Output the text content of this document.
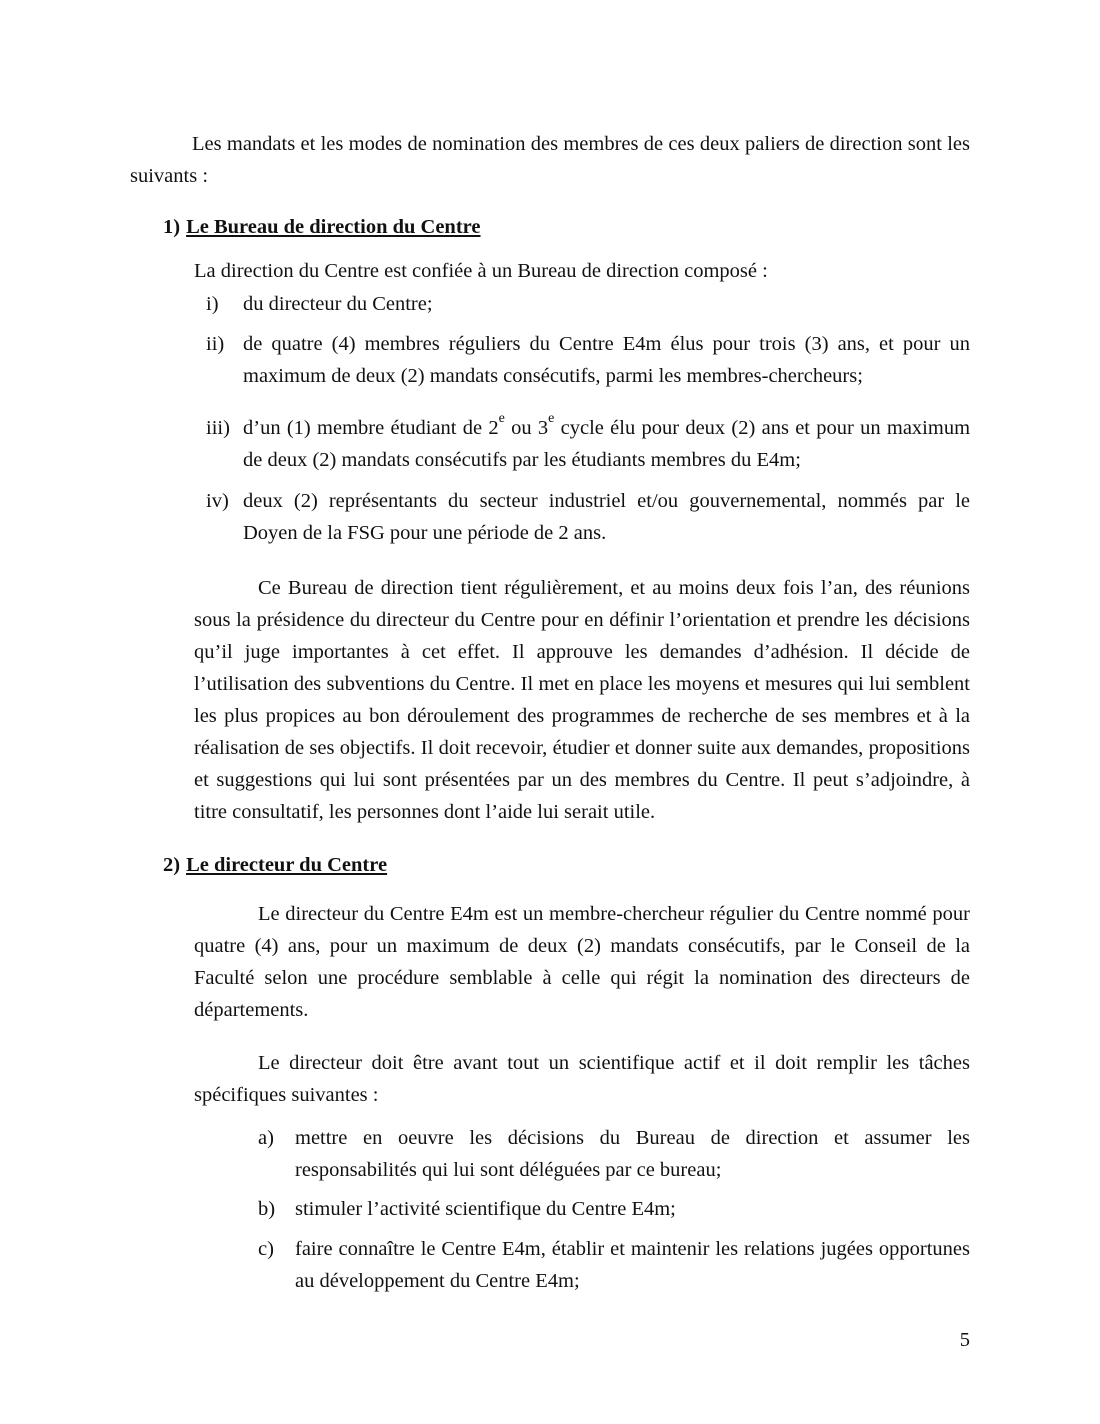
Les mandats et les modes de nomination des membres de ces deux paliers de direction sont les suivants :

1) Le Bureau de direction du Centre
La direction du Centre est confiée à un Bureau de direction composé :
i) du directeur du Centre;
ii) de quatre (4) membres réguliers du Centre E4m élus pour trois (3) ans, et pour un maximum de deux (2) mandats consécutifs, parmi les membres-chercheurs;
iii) d’un (1) membre étudiant de 2e ou 3e cycle élu pour deux (2) ans et pour un maximum de deux (2) mandats consécutifs par les étudiants membres du E4m;
iv) deux (2) représentants du secteur industriel et/ou gouvernemental, nommés par le Doyen de la FSG pour une période de 2 ans.
Ce Bureau de direction tient régulièrement, et au moins deux fois l’an, des réunions sous la présidence du directeur du Centre pour en définir l’orientation et prendre les décisions qu’il juge importantes à cet effet. Il approuve les demandes d’adhésion. Il décide de l’utilisation des subventions du Centre. Il met en place les moyens et mesures qui lui semblent les plus propices au bon déroulement des programmes de recherche de ses membres et à la réalisation de ses objectifs. Il doit recevoir, étudier et donner suite aux demandes, propositions et suggestions qui lui sont présentées par un des membres du Centre. Il peut s’adjoindre, à titre consultatif, les personnes dont l’aide lui serait utile.
2) Le directeur du Centre
Le directeur du Centre E4m est un membre-chercheur régulier du Centre nommé pour quatre (4) ans, pour un maximum de deux (2) mandats consécutifs, par le Conseil de la Faculté selon une procédure semblable à celle qui régit la nomination des directeurs de départements.
Le directeur doit être avant tout un scientifique actif et il doit remplir les tâches spécifiques suivantes :
a) mettre en oeuvre les décisions du Bureau de direction et assumer les responsabilités qui lui sont déléguées par ce bureau;
b) stimuler l’activité scientifique du Centre E4m;
c) faire connaître le Centre E4m, établir et maintenir les relations jugées opportunes au développement du Centre E4m;
5
